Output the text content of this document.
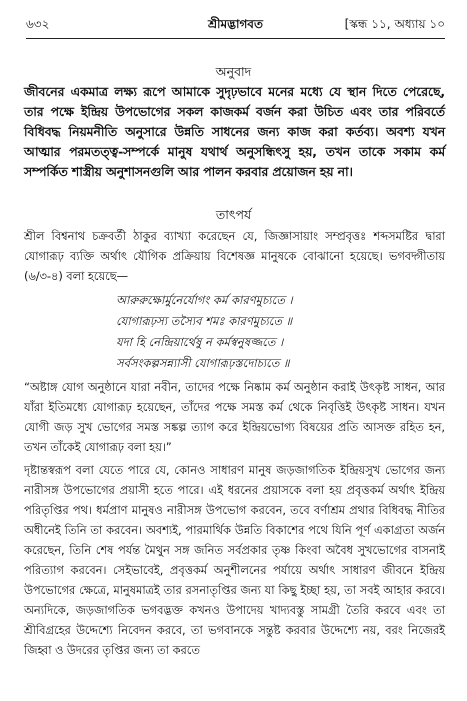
৬৩২	শ্রীমদ্ভাগবত	[স্কন্ধ ১১, অধ্যায় ১০
অনুবাদ

জীবনের একমাত্র লক্ষ্য রূপে আমাকে সুদৃঢ়ভাবে মনের মধ্যে যে স্থান দিতে পেরেছে, তার পক্ষে ইন্দ্রিয় উপভোগের সকল কাজকর্ম বর্জন করা উচিত এবং তার পরিবর্তে বিধিবদ্ধ নিয়মনীতি অনুসারে উন্নতি সাধনের জন্য কাজ করা কর্তব্য। অবশ্য যখন আত্মার পরমতত্ত্ব-সম্পর্কে মানুষ যথার্থ অনুসন্ধিৎসু হয়, তখন তাকে সকাম কর্ম সম্পর্কিত শাস্ত্রীয় অনুশাসনগুলি আর পালন করবার প্রয়োজন হয় না।

তাৎপর্য

শ্রীল বিশ্বনাথ চক্রবর্তী ঠাকুর ব্যাখ্যা করেছেন যে, জিজ্ঞাসায়াং সম্প্রবৃত্তঃ শব্দসমষ্টির দ্বারা যোগারূঢ় ব্যক্তি অর্থাৎ যৌগিক প্রক্রিয়ায় বিশেষজ্ঞ মানুষকে বোঝানো হয়েছে। ভগবদ্গীতায় (৬/৩-৪) বলা হয়েছে—

আরুরুক্ষোর্মুনের্যোগং কর্ম কারণমুচ্যতে ।
যোগারূঢ়স্য তস্যৈব শমঃ কারণমুচ্যতে ॥
যদা হি নেন্দ্রিয়ার্থেষু ন কর্মস্বনুষজ্জতে ।
সর্বসংকল্পসন্ন্যাসী যোগারূঢ়স্তদোচ্যতে ॥

“অষ্টাঙ্গ যোগ অনুষ্ঠানে যারা নবীন, তাদের পক্ষে নিষ্কাম কর্ম অনুষ্ঠান করাই উৎকৃষ্ট সাধন, আর যাঁরা ইতিমধ্যে যোগারূঢ় হয়েছেন, তাঁদের পক্ষে সমস্ত কর্ম থেকে নিবৃত্তিই উৎকৃষ্ট সাধন। যখন যোগী জড় সুখ ভোগের সমস্ত সঙ্কল্প ত্যাগ করে ইন্দ্রিয়ভোগ্য বিষয়ের প্রতি আসক্ত রহিত হন, তখন তাঁকেই যোগারূঢ় বলা হয়।”

দৃষ্টান্তস্বরূপ বলা যেতে পারে যে, কোনও সাধারণ মানুষ জড়জাগতিক ইন্দ্রিয়সুখ ভোগের জন্য নারীসঙ্গ উপভোগের প্রয়াসী হতে পারে। এই ধরনের প্রয়াসকে বলা হয় প্রবৃত্তকর্ম অর্থাৎ ইন্দ্রিয় পরিতৃপ্তির পথ। ধর্মপ্রাণ মানুষও নারীসঙ্গ উপভোগ করবেন, তবে বর্ণাশ্রম প্রথার বিধিবদ্ধ নীতির অধীনেই তিনি তা করবেন। অবশ্যই, পারমার্থিক উন্নতি বিকাশের পথে যিনি পূর্ণ একাগ্রতা অর্জন করেছেন, তিনি শেষ পর্যন্ত মৈথুন সঙ্গ জনিত সর্বপ্রকার তৃষ্ণ কিংবা অবৈধ সুখভোগের বাসনাই পরিত্যাগ করবেন। সেইভাবেই, প্রবৃত্তকর্ম অনুশীলনের পর্যায়ে অর্থাৎ সাধারণ জীবনে ইন্দ্রিয় উপভোগের ক্ষেত্রে, মানুষমাত্রই তার রসনাতৃপ্তির জন্য যা কিছু ইচ্ছা হয়, তা সবই আহার করবে। অন্যদিকে, জড়জাগতিক ভগবদ্ভক্ত কখনও উপাদেয় খাদ্যবস্তু সামগ্রী তৈরি করবে এবং তা শ্রীবিগ্রহের উদ্দেশ্যে নিবেদন করবে, তা ভগবানকে সন্তুষ্ট করবার উদ্দেশ্যে নয়, বরং নিজেরই জিহ্বা ও উদরের তৃপ্তির জন্য তা করতে
